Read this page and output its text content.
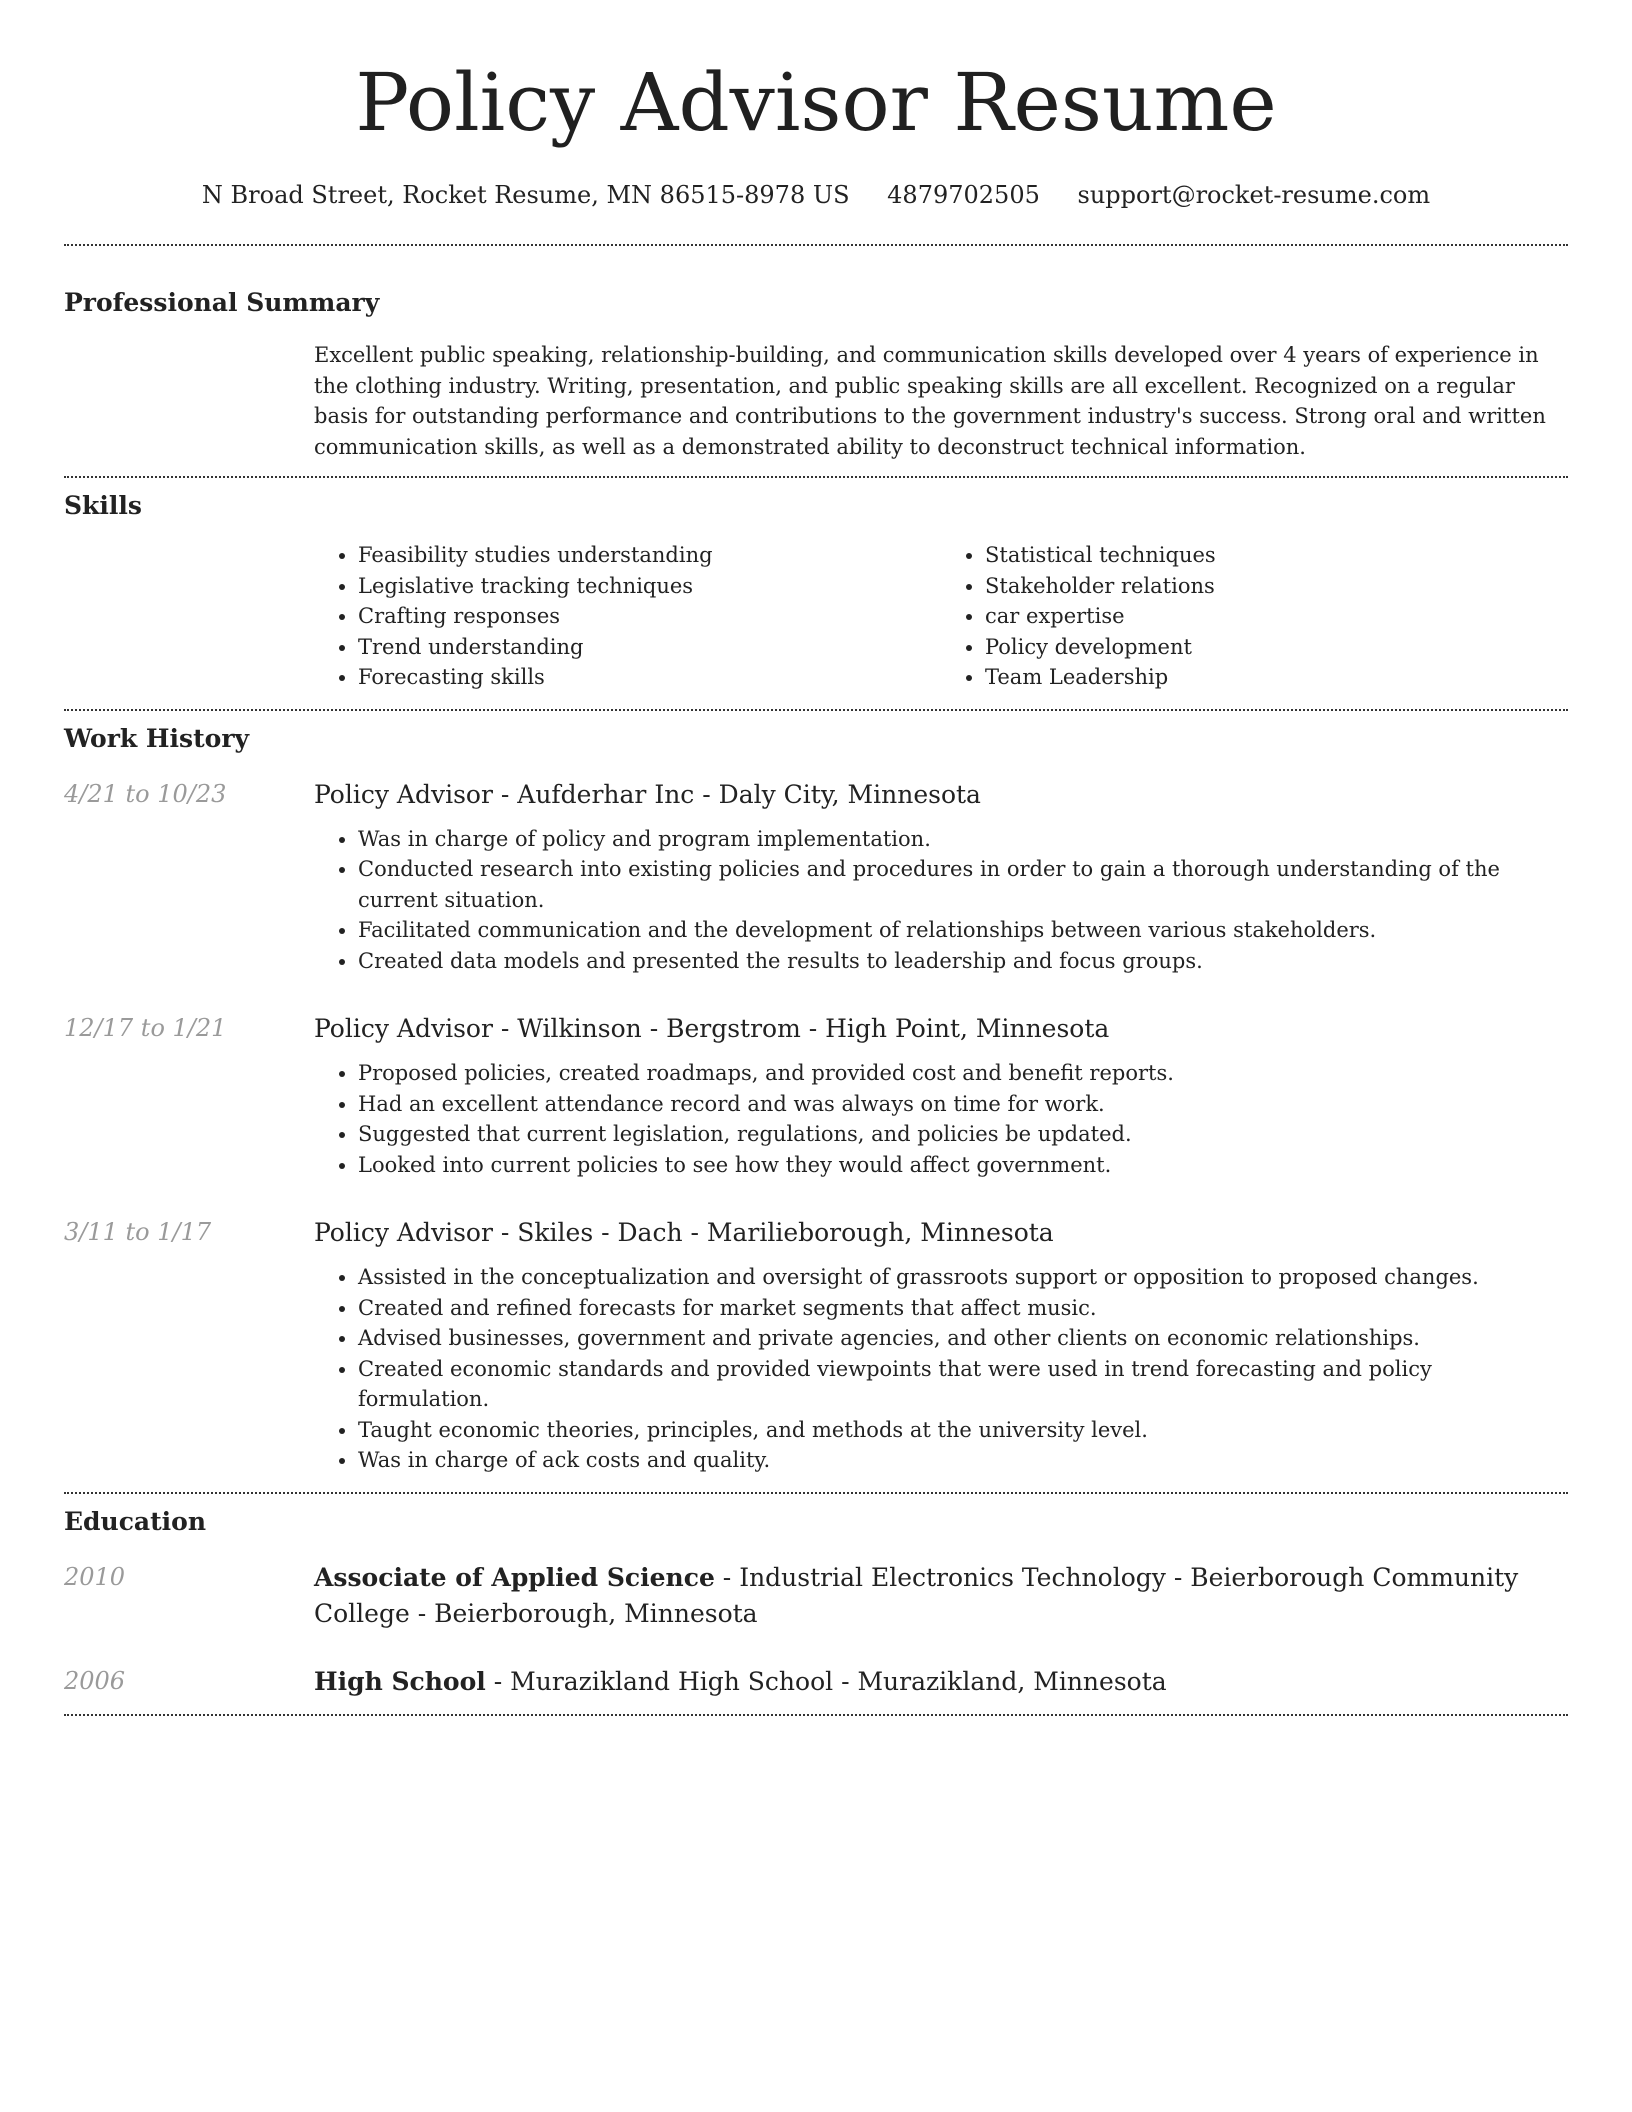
Policy Advisor Resume
N Broad Street, Rocket Resume, MN 86515-8978 US 4879702505 support@rocket-resume.com
Professional Summary

Excellent public speaking, relationship-building, and communication skills developed over 4 years of experience in the clothing industry. Writing, presentation, and public speaking skills are all excellent. Recognized on a regular basis for outstanding performance and contributions to the government industry's success. Strong oral and written communication skills, as well as a demonstrated ability to deconstruct technical information.

Skills
• Feasibility studies understanding
• Legislative tracking techniques
• Crafting responses
• Trend understanding
• Forecasting skills
• Statistical techniques
• Stakeholder relations
• car expertise
• Policy development
• Team Leadership
Work History
4/21 to 10/23	Policy Advisor - Aufderhar Inc - Daly City, Minnesota
• Was in charge of policy and program implementation.
• Conducted research into existing policies and procedures in order to gain a thorough understanding of the current situation.
• Facilitated communication and the development of relationships between various stakeholders.
• Created data models and presented the results to leadership and focus groups.
12/17 to 1/21	Policy Advisor - Wilkinson - Bergstrom - High Point, Minnesota
• Proposed policies, created roadmaps, and provided cost and benefit reports.
• Had an excellent attendance record and was always on time for work.
• Suggested that current legislation, regulations, and policies be updated.
• Looked into current policies to see how they would affect government.
3/11 to 1/17	Policy Advisor - Skiles - Dach - Marilieborough, Minnesota
• Assisted in the conceptualization and oversight of grassroots support or opposition to proposed changes.
• Created and refined forecasts for market segments that affect music.
• Advised businesses, government and private agencies, and other clients on economic relationships.
• Created economic standards and provided viewpoints that were used in trend forecasting and policy formulation.
• Taught economic theories, principles, and methods at the university level.
• Was in charge of ack costs and quality.
Education
2010	Associate of Applied Science - Industrial Electronics Technology - Beierborough Community College - Beierborough, Minnesota
2006	High School - Murazikland High School - Murazikland, Minnesota
